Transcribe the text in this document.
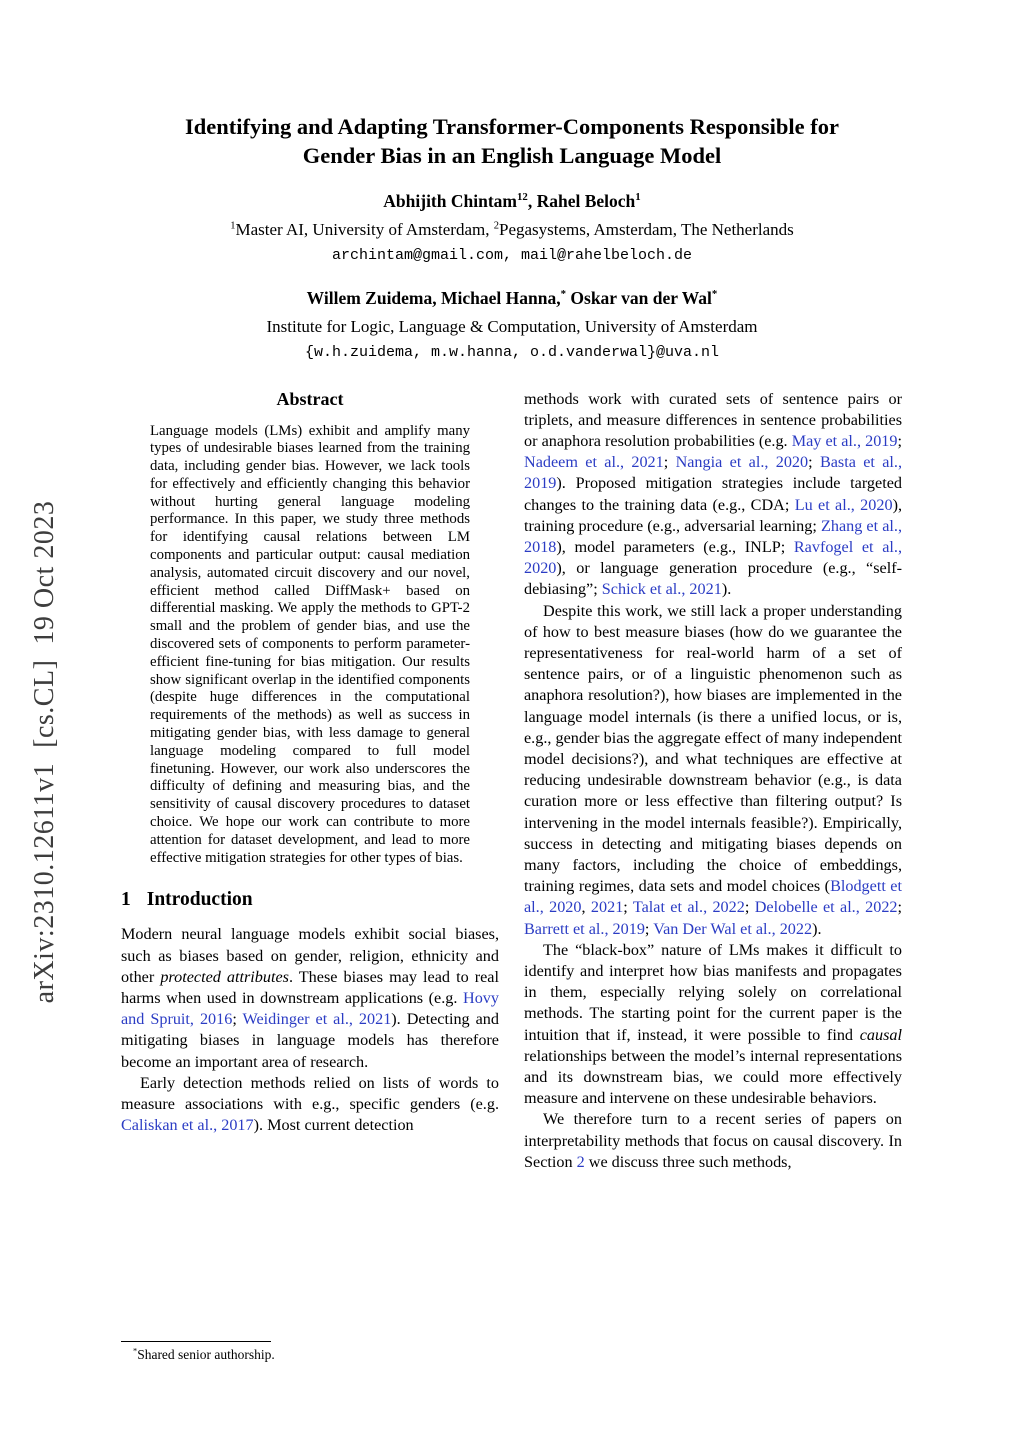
arXiv:2310.12611v1  [cs.CL]  19 Oct 2023
Identifying and Adapting Transformer-Components Responsible for Gender Bias in an English Language Model
Abhijith Chintam$^{12}$, Rahel Beloch$^1$
$^1$Master AI, University of Amsterdam, $^2$Pegasystems, Amsterdam, The Netherlands
archintam@gmail.com, mail@rahelbeloch.de
Willem Zuidema, Michael Hanna,* Oskar van der Wal*
Institute for Logic, Language & Computation, University of Amsterdam
{w.h.zuidema, m.w.hanna, o.d.vanderwal}@uva.nl
Abstract

Language models (LMs) exhibit and amplify many types of undesirable biases learned from the training data, including gender bias. However, we lack tools for effectively and efficiently changing this behavior without hurting general language modeling performance. In this paper, we study three methods for identifying causal relations between LM components and particular output: causal mediation analysis, automated circuit discovery and our novel, efficient method called DiffMask+ based on differential masking. We apply the methods to GPT-2 small and the problem of gender bias, and use the discovered sets of components to perform parameter-efficient fine-tuning for bias mitigation. Our results show significant overlap in the identified components (despite huge differences in the computational requirements of the methods) as well as success in mitigating gender bias, with less damage to general language modeling compared to full model finetuning. However, our work also underscores the difficulty of defining and measuring bias, and the sensitivity of causal discovery procedures to dataset choice. We hope our work can contribute to more attention for dataset development, and lead to more effective mitigation strategies for other types of bias.

1 Introduction

Modern neural language models exhibit social biases, such as biases based on gender, religion, ethnicity and other protected attributes. These biases may lead to real harms when used in downstream applications (e.g. Hovy and Spruit, 2016; Weidinger et al., 2021). Detecting and mitigating biases in language models has therefore become an important area of research.

Early detection methods relied on lists of words to measure associations with e.g., specific genders (e.g. Caliskan et al., 2017). Most current detection

*Shared senior authorship.

methods work with curated sets of sentence pairs or triplets, and measure differences in sentence probabilities or anaphora resolution probabilities (e.g. May et al., 2019; Nadeem et al., 2021; Nangia et al., 2020; Basta et al., 2019). Proposed mitigation strategies include targeted changes to the training data (e.g., CDA; Lu et al., 2020), training procedure (e.g., adversarial learning; Zhang et al., 2018), model parameters (e.g., INLP; Ravfogel et al., 2020), or language generation procedure (e.g., “self-debiasing”; Schick et al., 2021).

Despite this work, we still lack a proper understanding of how to best measure biases (how do we guarantee the representativeness for real-world harm of a set of sentence pairs, or of a linguistic phenomenon such as anaphora resolution?), how biases are implemented in the language model internals (is there a unified locus, or is, e.g., gender bias the aggregate effect of many independent model decisions?), and what techniques are effective at reducing undesirable downstream behavior (e.g., is data curation more or less effective than filtering output? Is intervening in the model internals feasible?). Empirically, success in detecting and mitigating biases depends on many factors, including the choice of embeddings, training regimes, data sets and model choices (Blodgett et al., 2020, 2021; Talat et al., 2022; Delobelle et al., 2022; Barrett et al., 2019; Van Der Wal et al., 2022).

The “black-box” nature of LMs makes it difficult to identify and interpret how bias manifests and propagates in them, especially relying solely on correlational methods. The starting point for the current paper is the intuition that if, instead, it were possible to find causal relationships between the model’s internal representations and its downstream bias, we could more effectively measure and intervene on these undesirable behaviors.

We therefore turn to a recent series of papers on interpretability methods that focus on causal discovery. In Section 2 we discuss three such methods,
